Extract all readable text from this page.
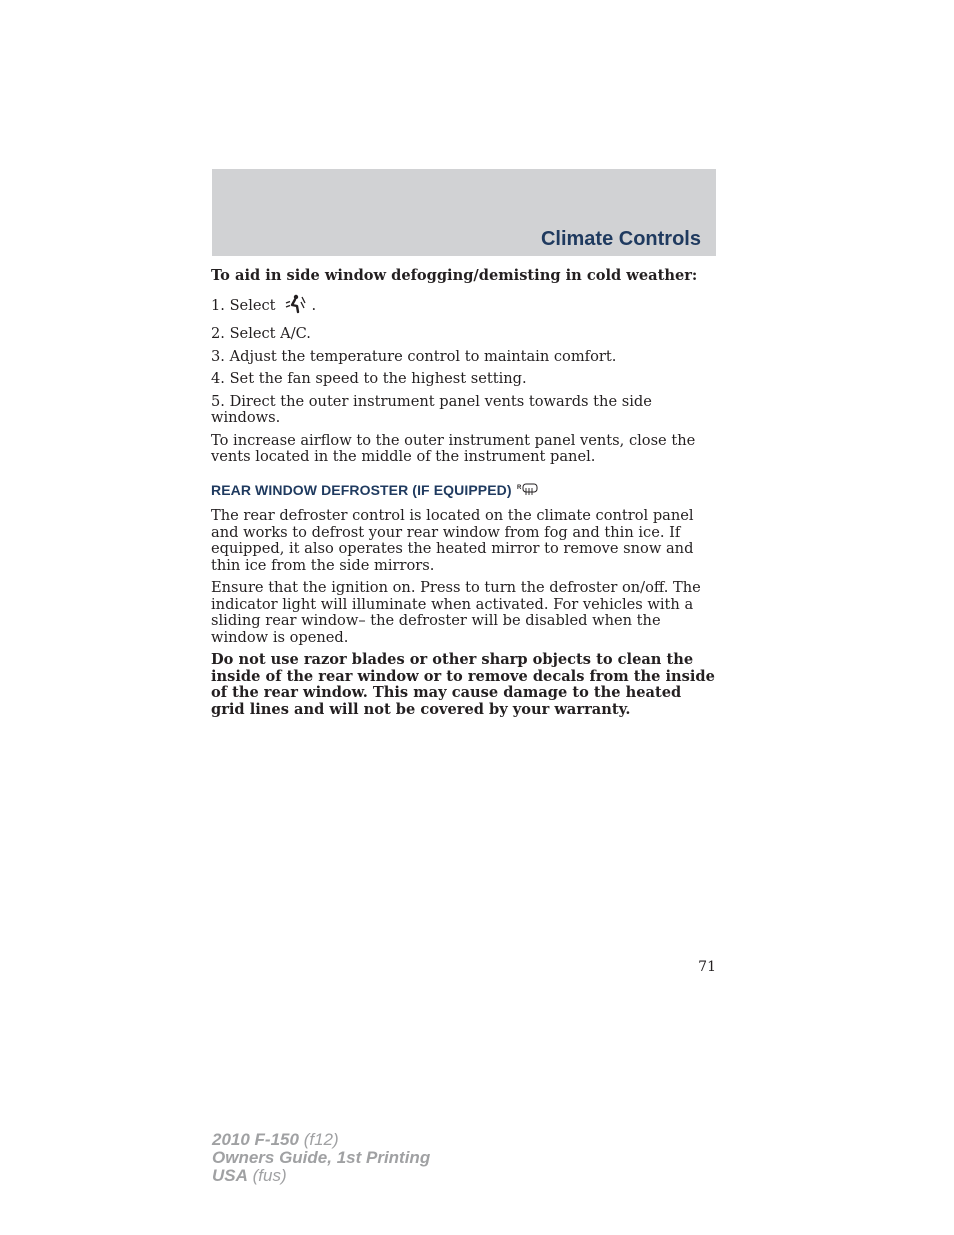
Climate Controls

To aid in side window defogging/demisting in cold weather:

1. Select .
2. Select A/C.
3. Adjust the temperature control to maintain comfort.
4. Set the fan speed to the highest setting.
5. Direct the outer instrument panel vents towards the side windows.

To increase airflow to the outer instrument panel vents, close the vents located in the middle of the instrument panel.

REAR WINDOW DEFROSTER (IF EQUIPPED) R

The rear defroster control is located on the climate control panel and works to defrost your rear window from fog and thin ice. If equipped, it also operates the heated mirror to remove snow and thin ice from the side mirrors.

Ensure that the ignition on. Press to turn the defroster on/off. The indicator light will illuminate when activated. For vehicles with a sliding rear window– the defroster will be disabled when the window is opened.

Do not use razor blades or other sharp objects to clean the inside of the rear window or to remove decals from the inside of the rear window. This may cause damage to the heated grid lines and will not be covered by your warranty.

71
2010 F-150 (f12)
Owners Guide, 1st Printing
USA (fus)
